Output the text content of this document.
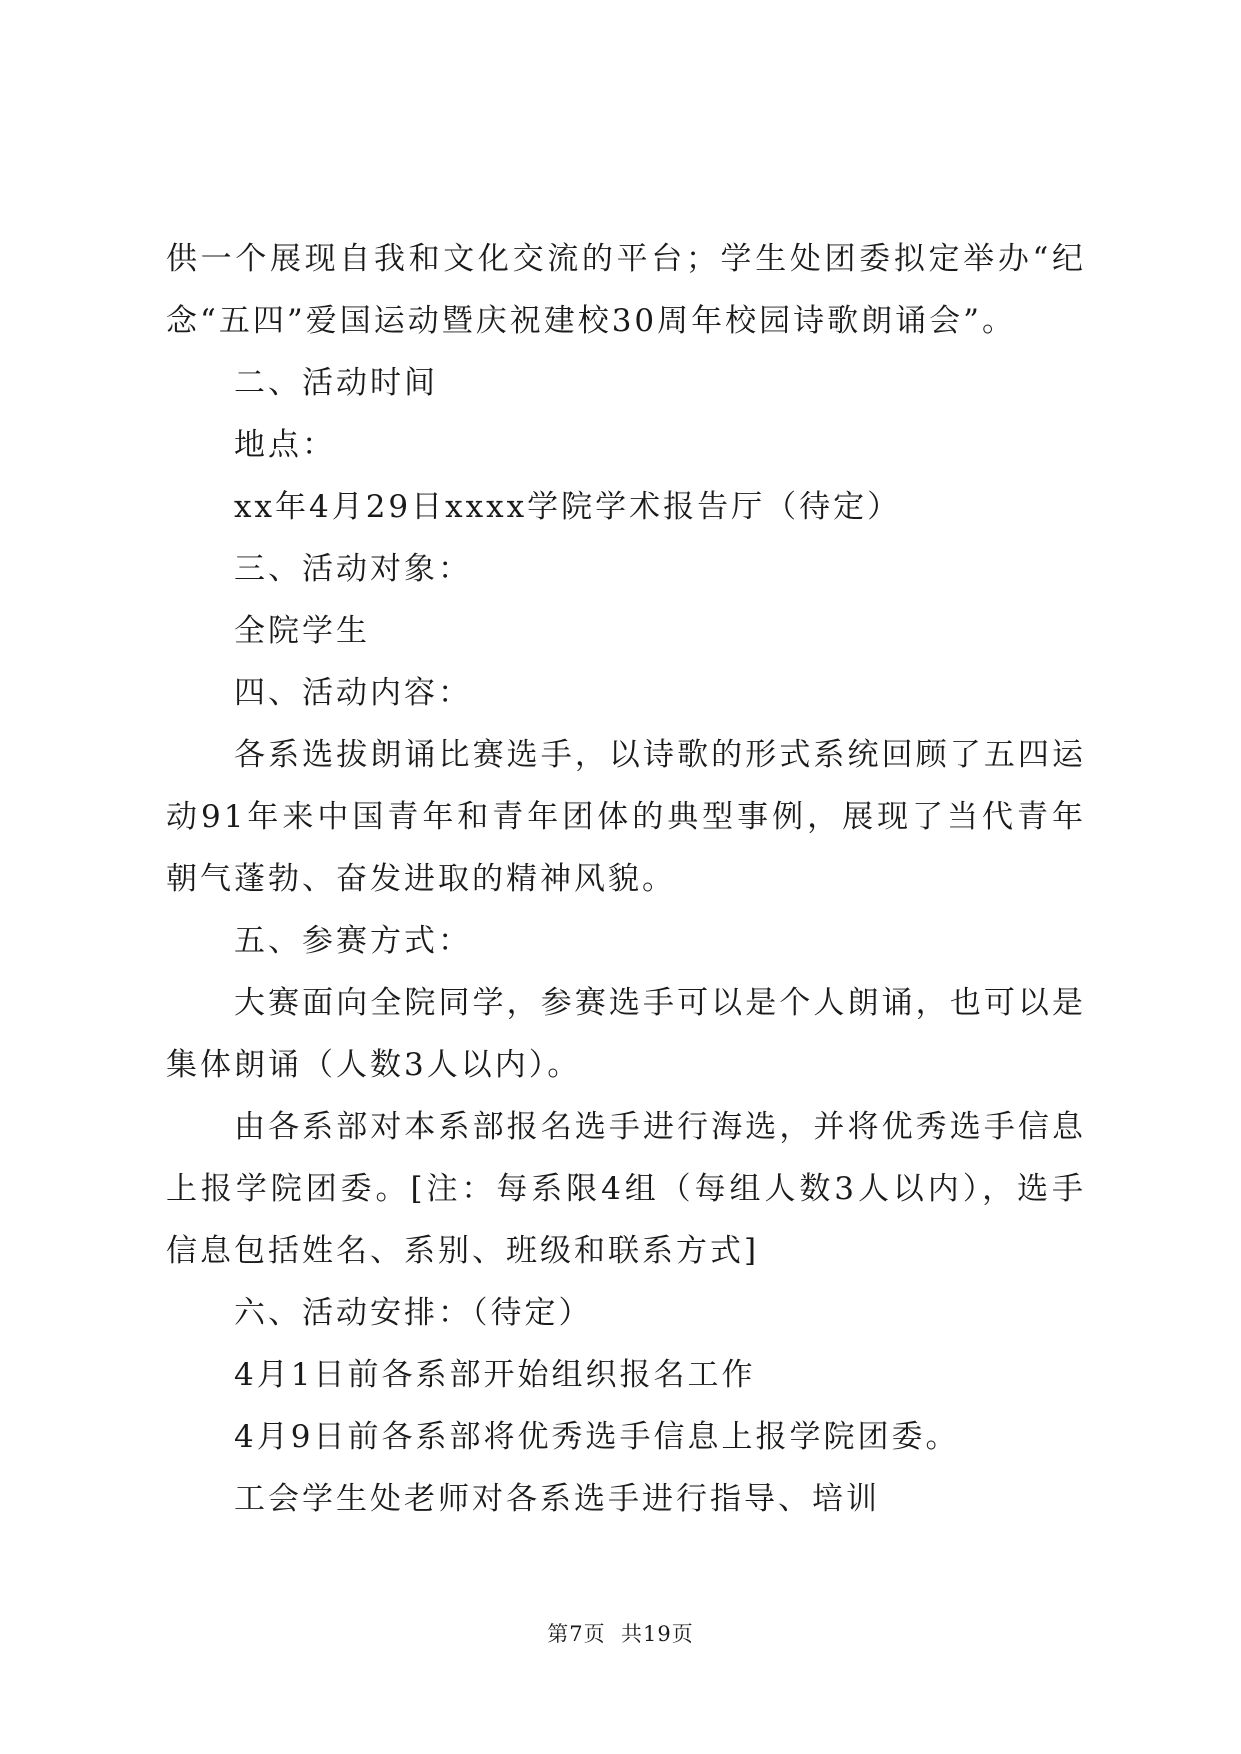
供一个展现自我和文化交流的平台；学生处团委拟定举办“纪念“五四”爱国运动暨庆祝建校30周年校园诗歌朗诵会”。

二、活动时间

地点：

xx年4月29日xxxx学院学术报告厅（待定）

三、活动对象：

全院学生

四、活动内容：

各系选拔朗诵比赛选手，以诗歌的形式系统回顾了五四运动91年来中国青年和青年团体的典型事例，展现了当代青年朝气蓬勃、奋发进取的精神风貌。

五、参赛方式：

大赛面向全院同学，参赛选手可以是个人朗诵，也可以是集体朗诵（人数3人以内）。

由各系部对本系部报名选手进行海选，并将优秀选手信息上报学院团委。[注：每系限4组（每组人数3人以内），选手信息包括姓名、系别、班级和联系方式]

六、活动安排：（待定）

4月1日前各系部开始组织报名工作

4月9日前各系部将优秀选手信息上报学院团委。

工会学生处老师对各系选手进行指导、培训

第7页 共19页
